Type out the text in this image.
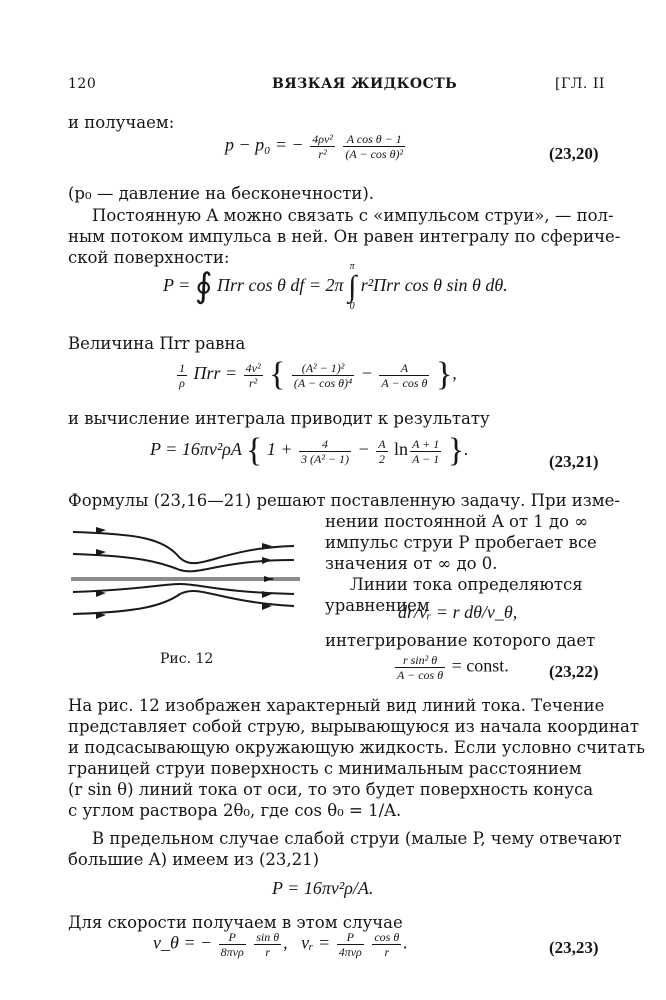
120	ВЯЗКАЯ ЖИДКОСТЬ	[ГЛ. II
и получаем:
p − p₀ = − $\frac{\text{4ρν²}}{\text{r²}}$
$\frac{\text{A cos θ − 1}}{\text{(A − cos θ)²}}$	(23,20)
(p₀ — давление на бесконечности).
Постоянную A можно связать с «импульсом струи», — пол-
ным потоком импульса в ней. Он равен интегралу по сфериче-
ской поверхности:
P = ∮ Πrr cos θ df = 2π
π
∫
0
r²Πrr cos θ sin θ dθ.
Величина Πrr равна
$\frac{1}{\rho}$ $\Pi rr = \frac{\text{4ν²}}{\text{r²}}$ { $\frac{\text{(A² − 1)²}}{\text{(A − cos θ)⁴}} - \frac{A}{\text{A − cos θ}}$ },
и вычисление интеграла приводит к результату
P = 16πν²ρA { $1 + \frac{4}{\text{3 (A² − 1)}} - \frac{A}{2}$ $\ln \frac{A + 1}{A - 1}$ }.
(23,21)
Формулы (23,16—21) решают поставленную задачу. При изме-
нении постоянной A от 1 до ∞
импульс струи P пробегает все
значения от ∞ до 0.
Линии тока определяются
уравнением
Рис. 12
dr/vᵣ = r dθ/v_θ,
интегрирование которого дает
$\frac{\text{r sin² θ}}{\text{A − cos θ}}$ = const. (23,22)
На рис. 12 изображен характерный вид линий тока. Течение
представляет собой струю, вырывающуюся из начала координат
и подсасывающую окружающую жидкость. Если условно считать
границей струи поверхность с минимальным расстоянием
(r sin θ) линий тока от оси, то это будет поверхность конуса
с углом раствора 2θ₀, где cos θ₀ = 1/A.
В предельном случае слабой струи (малые P, чему отвечают
большие A) имеем из (23,21)
P = 16πν²ρ/A.
Для скорости получаем в этом случае
v_θ = − $\frac{P}{\text{8πνρ}}$
$\frac{\text{sin θ}}{r}$ , vᵣ = $\frac{P}{\text{4πνρ}}$
$\frac{\text{cos θ}}{r}$ .	(23,23)
